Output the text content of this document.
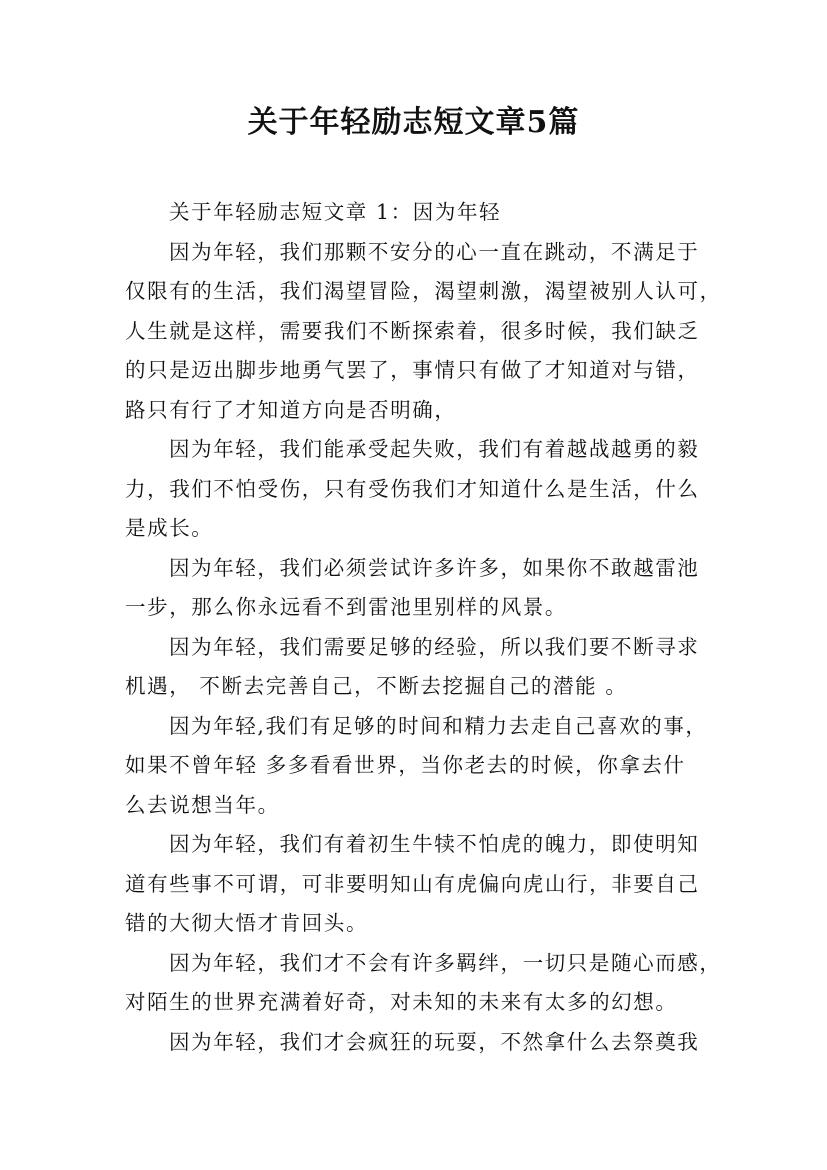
关于年轻励志短文章5篇
关于年轻励志短文章 1：因为年轻
因为年轻，我们那颗不安分的心一直在跳动，不满足于
仅限有的生活，我们渴望冒险，渴望刺激，渴望被别人认可，
人生就是这样，需要我们不断探索着，很多时候，我们缺乏
的只是迈出脚步地勇气罢了，事情只有做了才知道对与错，
路只有行了才知道方向是否明确，
因为年轻，我们能承受起失败，我们有着越战越勇的毅
力，我们不怕受伤，只有受伤我们才知道什么是生活，什么
是成长。
因为年轻，我们必须尝试许多许多，如果你不敢越雷池
一步，那么你永远看不到雷池里别样的风景。
因为年轻，我们需要足够的经验，所以我们要不断寻求
机遇， 不断去完善自己，不断去挖掘自己的潜能 。
因为年轻,我们有足够的时间和精力去走自己喜欢的事，
如果不曾年轻 多多看看世界，当你老去的时候，你拿去什
么去说想当年。
因为年轻，我们有着初生牛犊不怕虎的魄力，即使明知
道有些事不可谓，可非要明知山有虎偏向虎山行，非要自己
错的大彻大悟才肯回头。
因为年轻，我们才不会有许多羁绊，一切只是随心而感，
对陌生的世界充满着好奇，对未知的未来有太多的幻想。
因为年轻，我们才会疯狂的玩耍，不然拿什么去祭奠我
